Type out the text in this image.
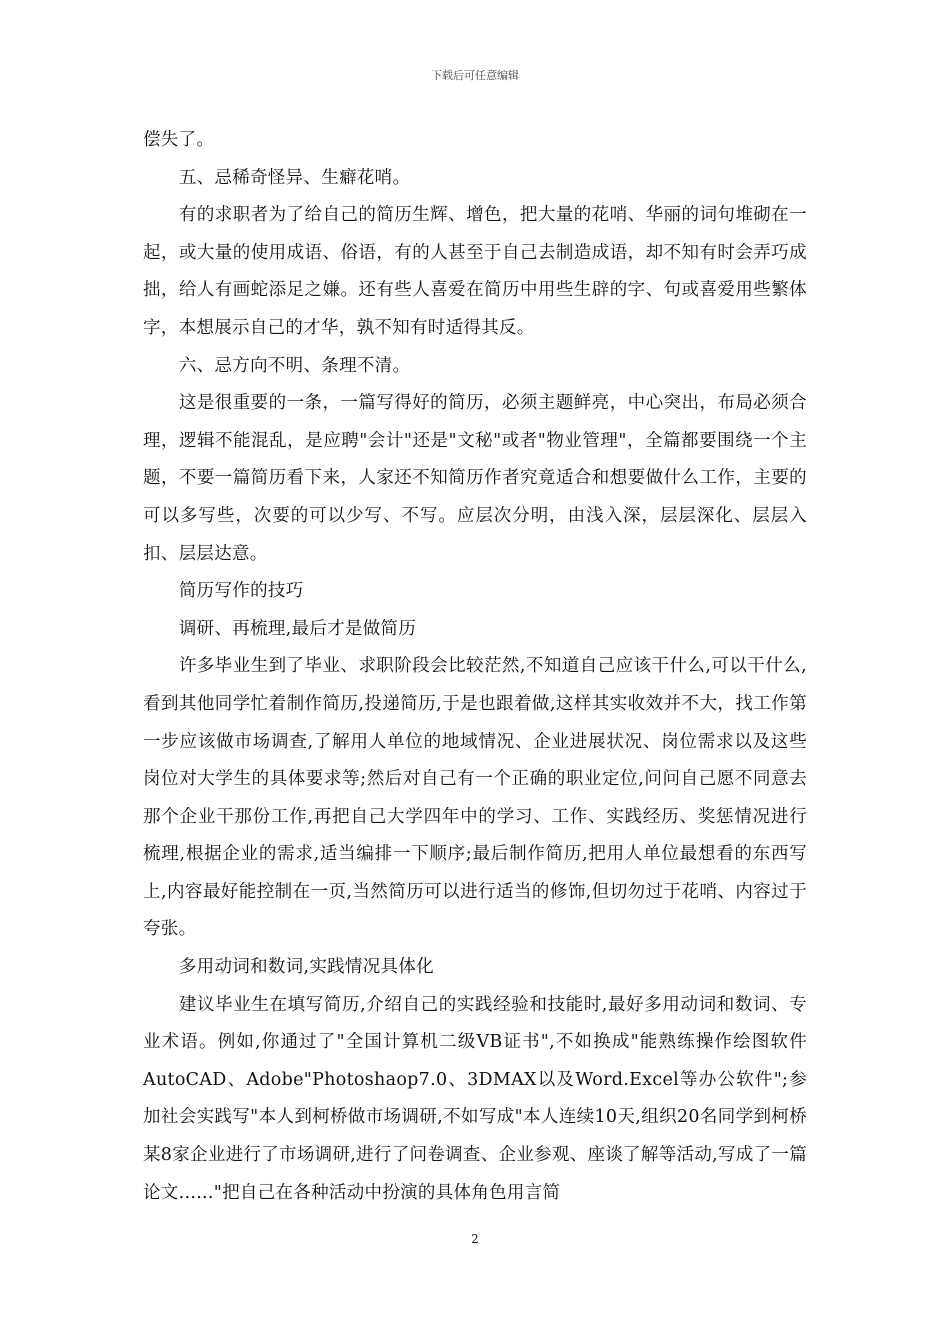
下载后可任意编辑

偿失了。

五、忌稀奇怪异、生癖花哨。

有的求职者为了给自己的简历生辉、增色，把大量的花哨、华丽的词句堆砌在一起，或大量的使用成语、俗语，有的人甚至于自己去制造成语，却不知有时会弄巧成拙，给人有画蛇添足之嫌。还有些人喜爱在简历中用些生辟的字、句或喜爱用些繁体字，本想展示自己的才华，孰不知有时适得其反。

六、忌方向不明、条理不清。

这是很重要的一条，一篇写得好的简历，必须主题鲜亮，中心突出，布局必须合理，逻辑不能混乱，是应聘"会计"还是"文秘"或者"物业管理"，全篇都要围绕一个主题，不要一篇简历看下来，人家还不知简历作者究竟适合和想要做什么工作，主要的可以多写些，次要的可以少写、不写。应层次分明，由浅入深，层层深化、层层入扣、层层达意。

简历写作的技巧

调研、再梳理,最后才是做简历

许多毕业生到了毕业、求职阶段会比较茫然,不知道自己应该干什么,可以干什么,看到其他同学忙着制作简历,投递简历,于是也跟着做,这样其实收效并不大，找工作第一步应该做市场调查,了解用人单位的地域情况、企业进展状况、岗位需求以及这些岗位对大学生的具体要求等;然后对自己有一个正确的职业定位,问问自己愿不同意去那个企业干那份工作,再把自己大学四年中的学习、工作、实践经历、奖惩情况进行梳理,根据企业的需求,适当编排一下顺序;最后制作简历,把用人单位最想看的东西写上,内容最好能控制在一页,当然简历可以进行适当的修饰,但切勿过于花哨、内容过于夸张。

多用动词和数词,实践情况具体化

建议毕业生在填写简历,介绍自己的实践经验和技能时,最好多用动词和数词、专业术语。例如,你通过了"全国计算机二级VB证书",不如换成"能熟练操作绘图软件AutoCAD、Adobe"Photoshaop7.0、3DMAX以及Word.Excel等办公软件";参加社会实践写"本人到柯桥做市场调研,不如写成"本人连续10天,组织20名同学到柯桥某8家企业进行了市场调研,进行了问卷调查、企业参观、座谈了解等活动,写成了一篇论文......"把自己在各种活动中扮演的具体角色用言简

2
